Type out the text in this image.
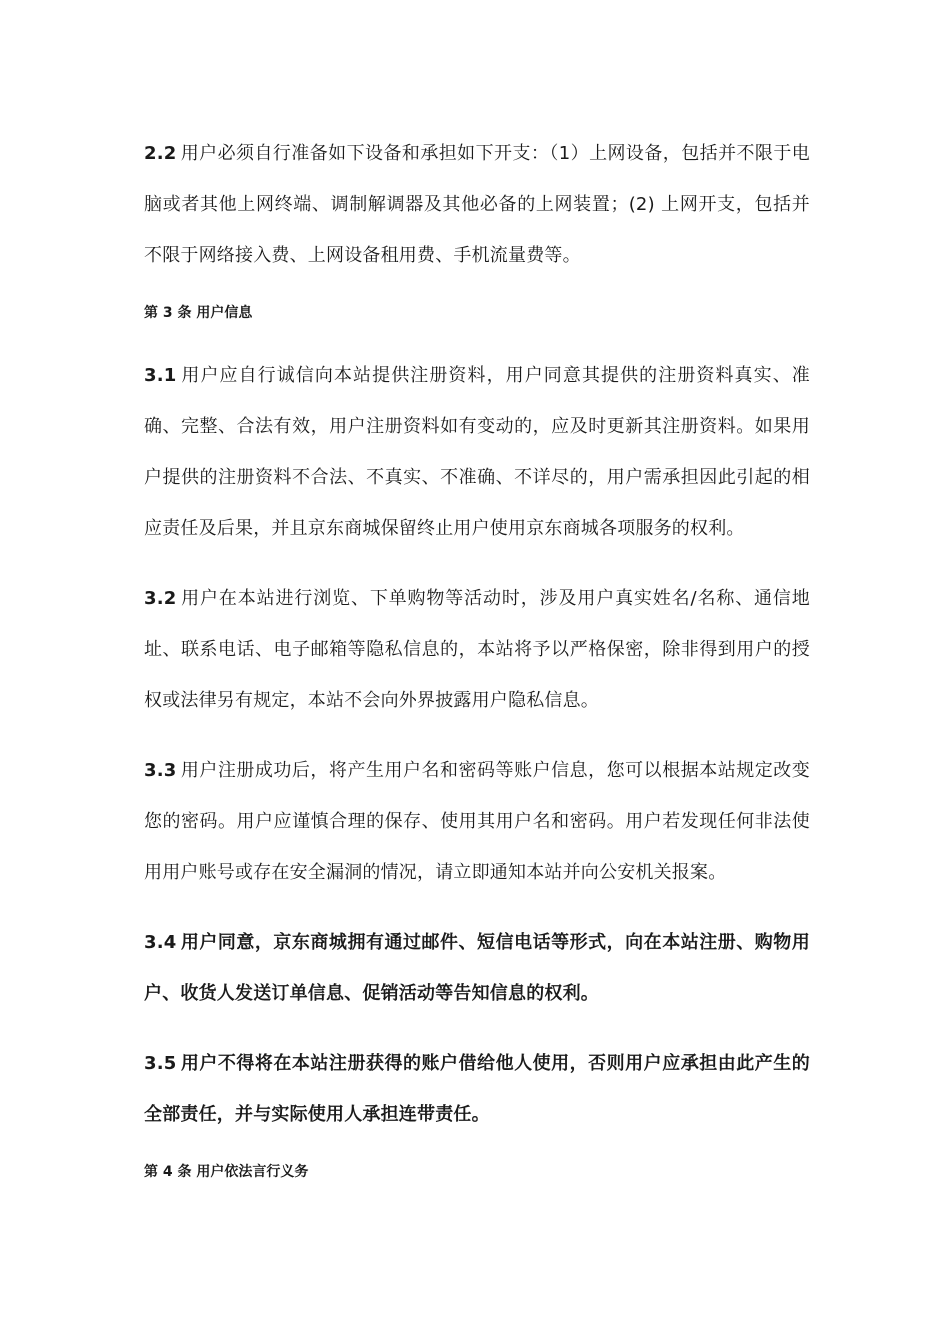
2.2 用户必须自行准备如下设备和承担如下开支：（1）上网设备，包括并不限于电脑或者其他上网终端、调制解调器及其他必备的上网装置；(2) 上网开支，包括并不限于网络接入费、上网设备租用费、手机流量费等。

第 3 条 用户信息

3.1 用户应自行诚信向本站提供注册资料，用户同意其提供的注册资料真实、准确、完整、合法有效，用户注册资料如有变动的，应及时更新其注册资料。如果用户提供的注册资料不合法、不真实、不准确、不详尽的，用户需承担因此引起的相应责任及后果，并且京东商城保留终止用户使用京东商城各项服务的权利。

3.2 用户在本站进行浏览、下单购物等活动时，涉及用户真实姓名/名称、通信地址、联系电话、电子邮箱等隐私信息的，本站将予以严格保密，除非得到用户的授权或法律另有规定，本站不会向外界披露用户隐私信息。

3.3 用户注册成功后，将产生用户名和密码等账户信息，您可以根据本站规定改变您的密码。用户应谨慎合理的保存、使用其用户名和密码。用户若发现任何非法使用用户账号或存在安全漏洞的情况，请立即通知本站并向公安机关报案。

3.4 用户同意，京东商城拥有通过邮件、短信电话等形式，向在本站注册、购物用户、收货人发送订单信息、促销活动等告知信息的权利。

3.5 用户不得将在本站注册获得的账户借给他人使用，否则用户应承担由此产生的全部责任，并与实际使用人承担连带责任。

第 4 条 用户依法言行义务
